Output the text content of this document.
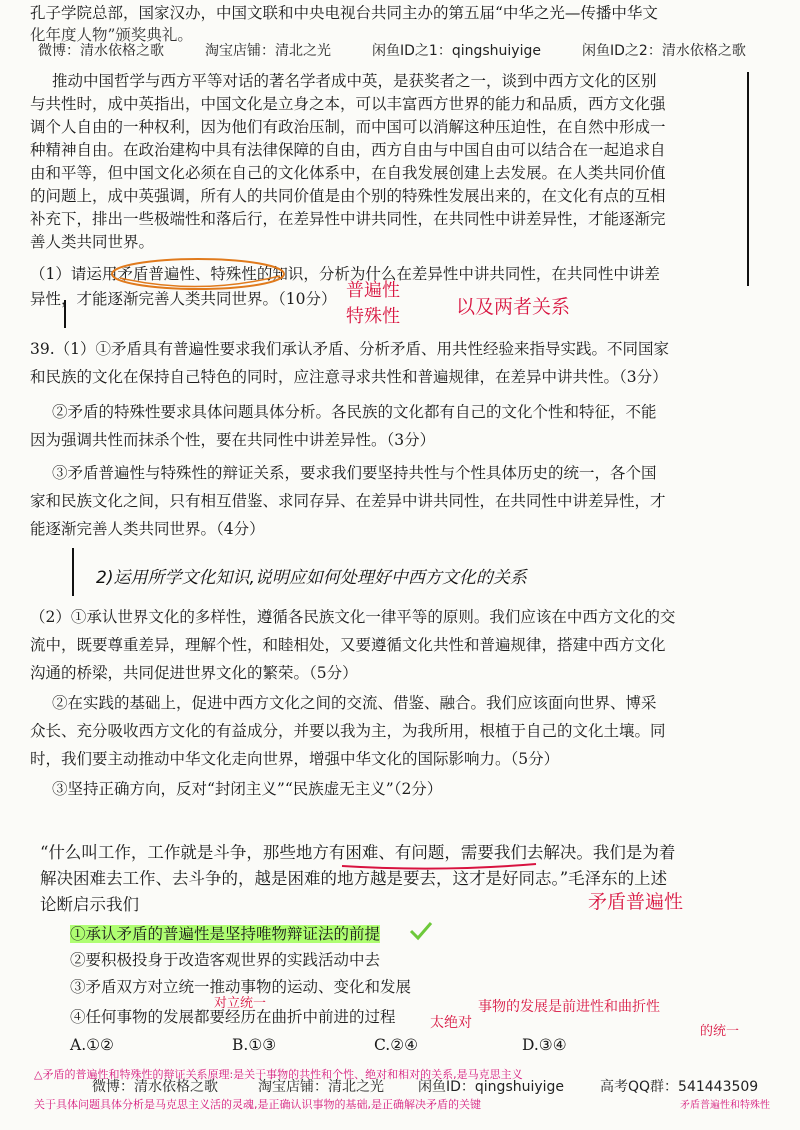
孔子学院总部，国家汉办，中国文联和中央电视台共同主办的第五届“中华之光—传播中华文
化年度人物”颁奖典礼。
微博：清水依格之歌	淘宝店铺：清北之光	闲鱼ID之1：qingshuiyige	闲鱼ID之2：清水依格之歌
推动中国哲学与西方平等对话的著名学者成中英，是获奖者之一，谈到中西方文化的区别
与共性时，成中英指出，中国文化是立身之本，可以丰富西方世界的能力和品质，西方文化强
调个人自由的一种权利，因为他们有政治压制，而中国可以消解这种压迫性，在自然中形成一
种精神自由。在政治建构中具有法律保障的自由，西方自由与中国自由可以结合在一起追求自
由和平等，但中国文化必须在自己的文化体系中，在自我发展创建上去发展。在人类共同价值
的问题上，成中英强调，所有人的共同价值是由个别的特殊性发展出来的，在文化有点的互相
补充下，排出一些极端性和落后行，在差异性中讲共同性，在共同性中讲差异性，才能逐渐完
善人类共同世界。
（1）请运用矛盾普遍性、特殊性的知识，分析为什么在差异性中讲共同性，在共同性中讲差
异性，才能逐渐完善人类共同世界。（10分） 普遍性
特殊性	以及两者关系
39.（1）①矛盾具有普遍性要求我们承认矛盾、分析矛盾、用共性经验来指导实践。不同国家
和民族的文化在保持自己特色的同时，应注意寻求共性和普遍规律，在差异中讲共性。（3分）
②矛盾的特殊性要求具体问题具体分析。各民族的文化都有自己的文化个性和特征，不能
因为强调共性而抹杀个性，要在共同性中讲差异性。（3分）
③矛盾普遍性与特殊性的辩证关系，要求我们要坚持共性与个性具体历史的统一，各个国
家和民族文化之间，只有相互借鉴、求同存异、在差异中讲共同性，在共同性中讲差异性，才
能逐渐完善人类共同世界。（4分）
2)运用所学文化知识,说明应如何处理好中西方文化的关系
（2）①承认世界文化的多样性，遵循各民族文化一律平等的原则。我们应该在中西方文化的交
流中，既要尊重差异，理解个性，和睦相处，又要遵循文化共性和普遍规律，搭建中西方文化
沟通的桥梁，共同促进世界文化的繁荣。（5分）
②在实践的基础上，促进中西方文化之间的交流、借鉴、融合。我们应该面向世界、博采
众长、充分吸收西方文化的有益成分，并要以我为主，为我所用，根植于自己的文化土壤。同
时，我们要主动推动中华文化走向世界，增强中华文化的国际影响力。（5分）
③坚持正确方向，反对“封闭主义”“民族虚无主义”（2分）
“什么叫工作，工作就是斗争，那些地方有困难、有问题，需要我们去解决。我们是为着
解决困难去工作、去斗争的，越是困难的地方越是要去，这才是好同志。”毛泽东的上述
论断启示我们	矛盾普遍性
①承认矛盾的普遍性是坚持唯物辩证法的前提
②要积极投身于改造客观世界的实践活动中去
③矛盾双方对立统一推动事物的运动、变化和发展
对立统一
④任何事物的发展都要经历在曲折中前进的过程 太绝对
事物的发展是前进性和曲折性
的统一
A.①②	B.①③	C.②④	D.③④
△矛盾的普遍性和特殊性的辩证关系原理:是关于事物的共性和个性、绝对和相对的关系,是马克思主义
关于具体问题具体分析是马克思主义活的灵魂,是正确认识事物的基础,是正确解决矛盾的关键	矛盾普遍性和特殊性
微博：清水依格之歌	淘宝店铺：清北之光 闲鱼ID：qingshuiyige	高考QQ群：541443509
